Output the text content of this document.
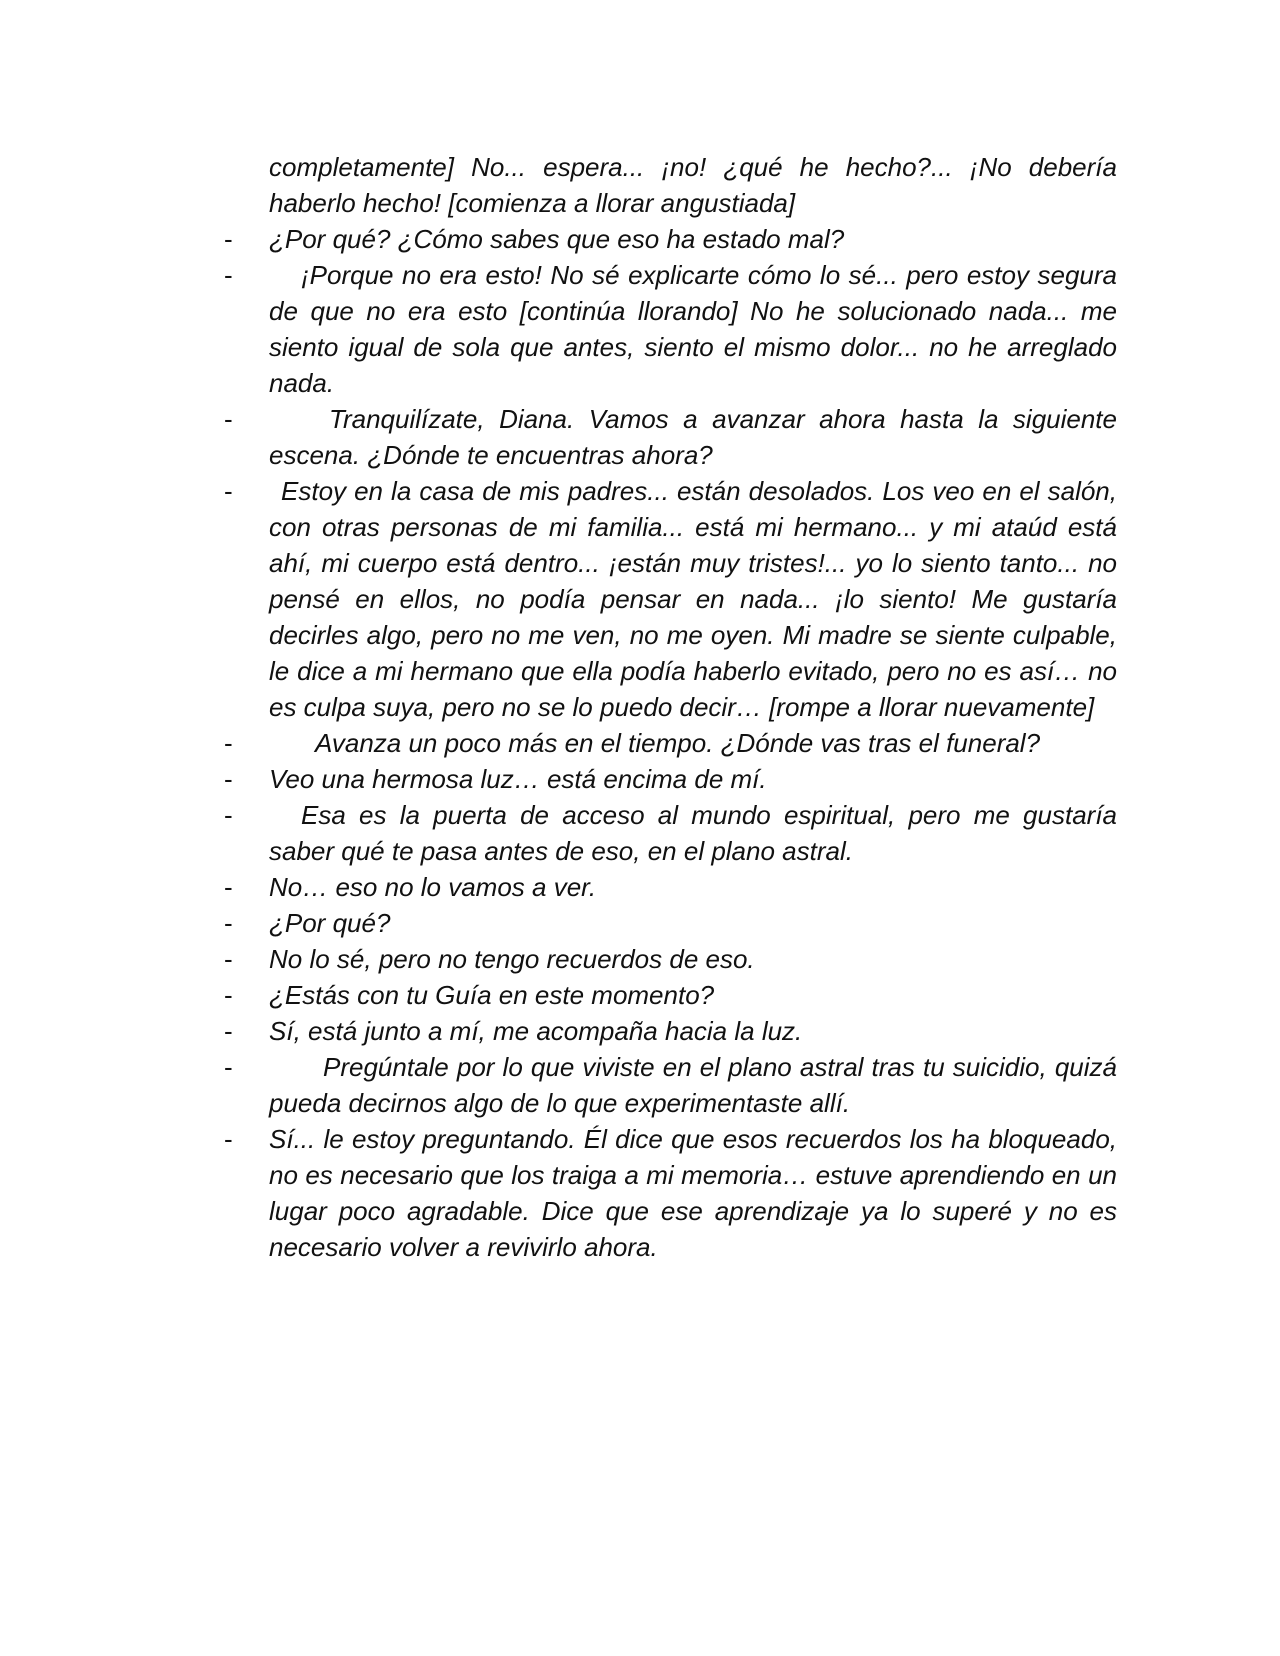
completamente] No... espera... ¡no! ¿qué he hecho?... ¡No debería haberlo hecho! [comienza a llorar angustiada]

-	¿Por qué? ¿Cómo sabes que eso ha estado mal?

-	¡Porque no era esto! No sé explicarte cómo lo sé... pero estoy segura de que no era esto [continúa llorando] No he solucionado nada... me siento igual de sola que antes, siento el mismo dolor... no he arreglado nada.

-	Tranquilízate, Diana. Vamos a avanzar ahora hasta la siguiente escena. ¿Dónde te encuentras ahora?

-	Estoy en la casa de mis padres... están desolados. Los veo en el salón, con otras personas de mi familia... está mi hermano... y mi ataúd está ahí, mi cuerpo está dentro... ¡están muy tristes!... yo lo siento tanto... no pensé en ellos, no podía pensar en nada... ¡lo siento! Me gustaría decirles algo, pero no me ven, no me oyen. Mi madre se siente culpable, le dice a mi hermano que ella podía haberlo evitado, pero no es así… no es culpa suya, pero no se lo puedo decir… [rompe a llorar nuevamente]

-	Avanza un poco más en el tiempo. ¿Dónde vas tras el funeral?

-	Veo una hermosa luz… está encima de mí.

-	Esa es la puerta de acceso al mundo espiritual, pero me gustaría saber qué te pasa antes de eso, en el plano astral.

-	No… eso no lo vamos a ver.

-	¿Por qué?

-	No lo sé, pero no tengo recuerdos de eso.

-	¿Estás con tu Guía en este momento?

-	Sí, está junto a mí, me acompaña hacia la luz.

-	Pregúntale por lo que viviste en el plano astral tras tu suicidio, quizá pueda decirnos algo de lo que experimentaste allí.

-	Sí... le estoy preguntando. Él dice que esos recuerdos los ha bloqueado, no es necesario que los traiga a mi memoria… estuve aprendiendo en un lugar poco agradable. Dice que ese aprendizaje ya lo superé y no es necesario volver a revivirlo ahora.
